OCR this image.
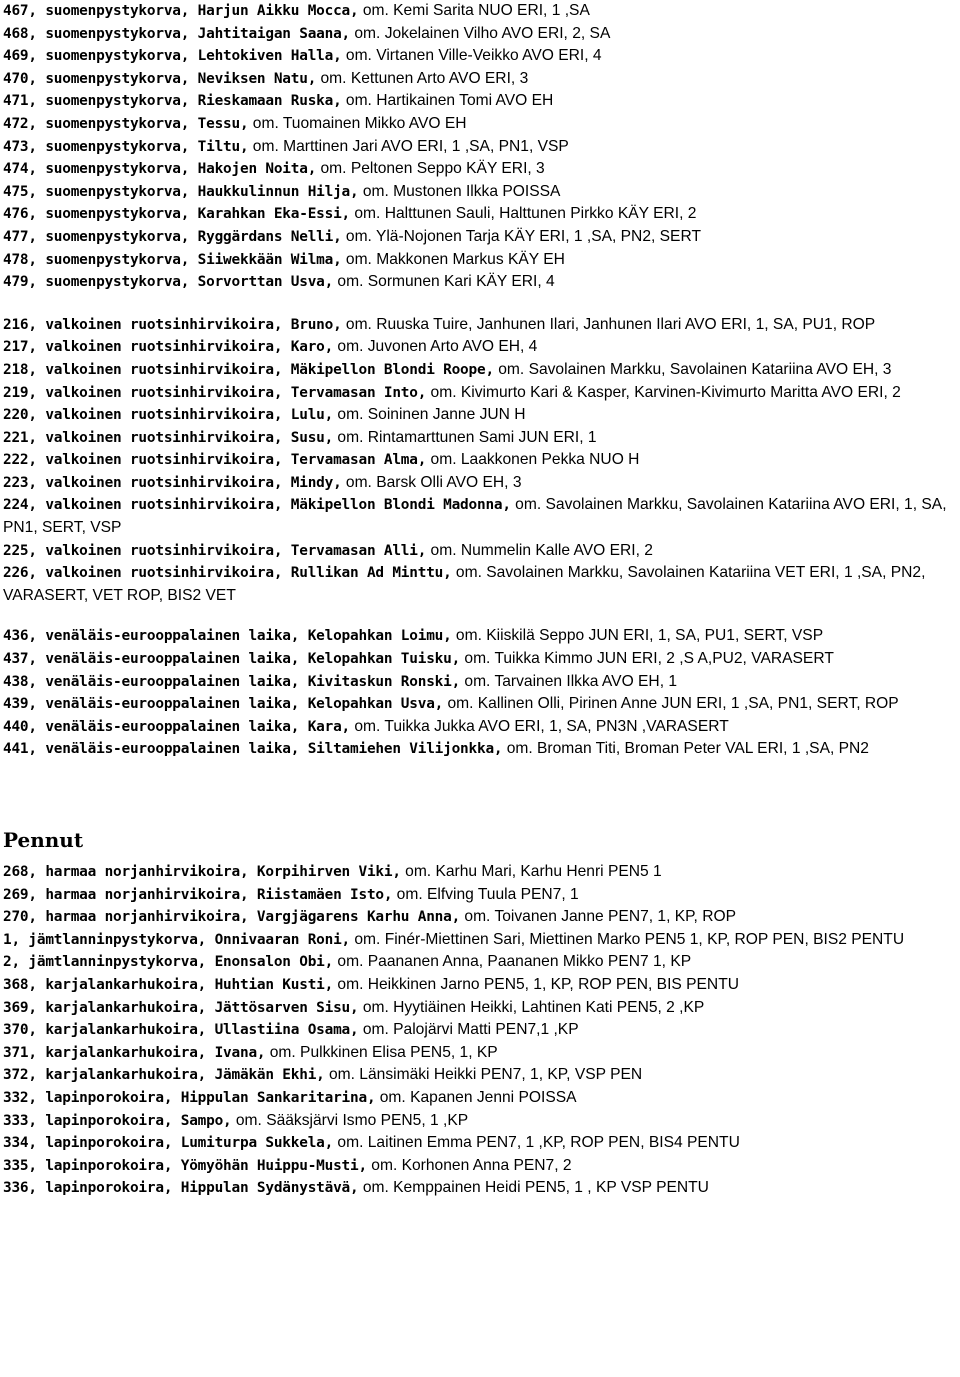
467, suomenpystykorva, Harjun Aikku Mocca, om. Kemi Sarita NUO ERI, 1 ,SA

468, suomenpystykorva, Jahtitaigan Saana, om. Jokelainen Vilho AVO ERI, 2, SA

469, suomenpystykorva, Lehtokiven Halla, om. Virtanen Ville-Veikko AVO ERI, 4

470, suomenpystykorva, Neviksen Natu, om. Kettunen Arto AVO ERI, 3

471, suomenpystykorva, Rieskamaan Ruska, om. Hartikainen Tomi AVO EH

472, suomenpystykorva, Tessu, om. Tuomainen Mikko AVO EH

473, suomenpystykorva, Tiltu, om. Marttinen Jari AVO ERI, 1 ,SA, PN1, VSP

474, suomenpystykorva, Hakojen Noita, om. Peltonen Seppo KÄY ERI, 3

475, suomenpystykorva, Haukkulinnun Hilja, om. Mustonen Ilkka POISSA

476, suomenpystykorva, Karahkan Eka-Essi, om. Halttunen Sauli, Halttunen Pirkko KÄY ERI, 2

477, suomenpystykorva, Ryggärdans Nelli, om. Ylä-Nojonen Tarja KÄY ERI, 1 ,SA, PN2, SERT

478, suomenpystykorva, Siiwekkään Wilma, om. Makkonen Markus KÄY EH

479, suomenpystykorva, Sorvorttan Usva, om. Sormunen Kari KÄY ERI, 4

216, valkoinen ruotsinhirvikoira, Bruno, om. Ruuska Tuire, Janhunen Ilari, Janhunen Ilari AVO ERI, 1, SA, PU1, ROP

217, valkoinen ruotsinhirvikoira, Karo, om. Juvonen Arto AVO EH, 4

218, valkoinen ruotsinhirvikoira, Mäkipellon Blondi Roope, om. Savolainen Markku, Savolainen Katariina AVO EH, 3

219, valkoinen ruotsinhirvikoira, Tervamasan Into, om. Kivimurto Kari & Kasper, Karvinen-Kivimurto Maritta AVO ERI, 2

220, valkoinen ruotsinhirvikoira, Lulu, om. Soininen Janne JUN H

221, valkoinen ruotsinhirvikoira, Susu, om. Rintamarttunen Sami JUN ERI, 1

222, valkoinen ruotsinhirvikoira, Tervamasan Alma, om. Laakkonen Pekka NUO H

223, valkoinen ruotsinhirvikoira, Mindy, om. Barsk Olli AVO EH, 3

224, valkoinen ruotsinhirvikoira, Mäkipellon Blondi Madonna, om. Savolainen Markku, Savolainen Katariina AVO ERI, 1, SA, PN1, SERT, VSP

225, valkoinen ruotsinhirvikoira, Tervamasan Alli, om. Nummelin Kalle AVO ERI, 2

226, valkoinen ruotsinhirvikoira, Rullikan Ad Minttu, om. Savolainen Markku, Savolainen Katariina VET ERI, 1 ,SA, PN2, VARASERT, VET ROP, BIS2 VET

436, venäläis-eurooppalainen laika, Kelopahkan Loimu, om. Kiiskilä Seppo JUN ERI, 1, SA, PU1, SERT, VSP

437, venäläis-eurooppalainen laika, Kelopahkan Tuisku, om. Tuikka Kimmo JUN ERI, 2 ,S A,PU2, VARASERT

438, venäläis-eurooppalainen laika, Kivitaskun Ronski, om. Tarvainen Ilkka AVO EH, 1

439, venäläis-eurooppalainen laika, Kelopahkan Usva, om. Kallinen Olli, Pirinen Anne JUN ERI, 1 ,SA, PN1, SERT, ROP

440, venäläis-eurooppalainen laika, Kara, om. Tuikka Jukka AVO ERI, 1, SA, PN3N ,VARASERT

441, venäläis-eurooppalainen laika, Siltamiehen Vilijonkka, om. Broman Titi, Broman Peter VAL ERI, 1 ,SA, PN2

Pennut

268, harmaa norjanhirvikoira, Korpihirven Viki, om. Karhu Mari, Karhu Henri PEN5 1

269, harmaa norjanhirvikoira, Riistamäen Isto, om. Elfving Tuula PEN7, 1

270, harmaa norjanhirvikoira, Vargjägarens Karhu Anna, om. Toivanen Janne PEN7, 1, KP, ROP

1, jämtlanninpystykorva, Onnivaaran Roni, om. Finér-Miettinen Sari, Miettinen Marko PEN5 1, KP, ROP PEN, BIS2 PENTU

2, jämtlanninpystykorva, Enonsalon Obi, om. Paananen Anna, Paananen Mikko PEN7 1, KP

368, karjalankarhukoira, Huhtian Kusti, om. Heikkinen Jarno PEN5, 1, KP, ROP PEN, BIS PENTU

369, karjalankarhukoira, Jättösarven Sisu, om. Hyytiäinen Heikki, Lahtinen Kati PEN5, 2 ,KP

370, karjalankarhukoira, Ullastiina Osama, om. Palojärvi Matti PEN7,1 ,KP

371, karjalankarhukoira, Ivana, om. Pulkkinen Elisa PEN5, 1, KP

372, karjalankarhukoira, Jämäkän Ekhi, om. Länsimäki Heikki PEN7, 1, KP, VSP PEN

332, lapinporokoira, Hippulan Sankaritarina, om. Kapanen Jenni POISSA

333, lapinporokoira, Sampo, om. Sääksjärvi Ismo PEN5, 1 ,KP

334, lapinporokoira, Lumiturpa Sukkela, om. Laitinen Emma PEN7, 1 ,KP, ROP PEN, BIS4 PENTU

335, lapinporokoira, Yömyöhän Huippu-Musti, om. Korhonen Anna PEN7, 2

336, lapinporokoira, Hippulan Sydänystävä, om. Kemppainen Heidi PEN5, 1 , KP VSP PENTU
